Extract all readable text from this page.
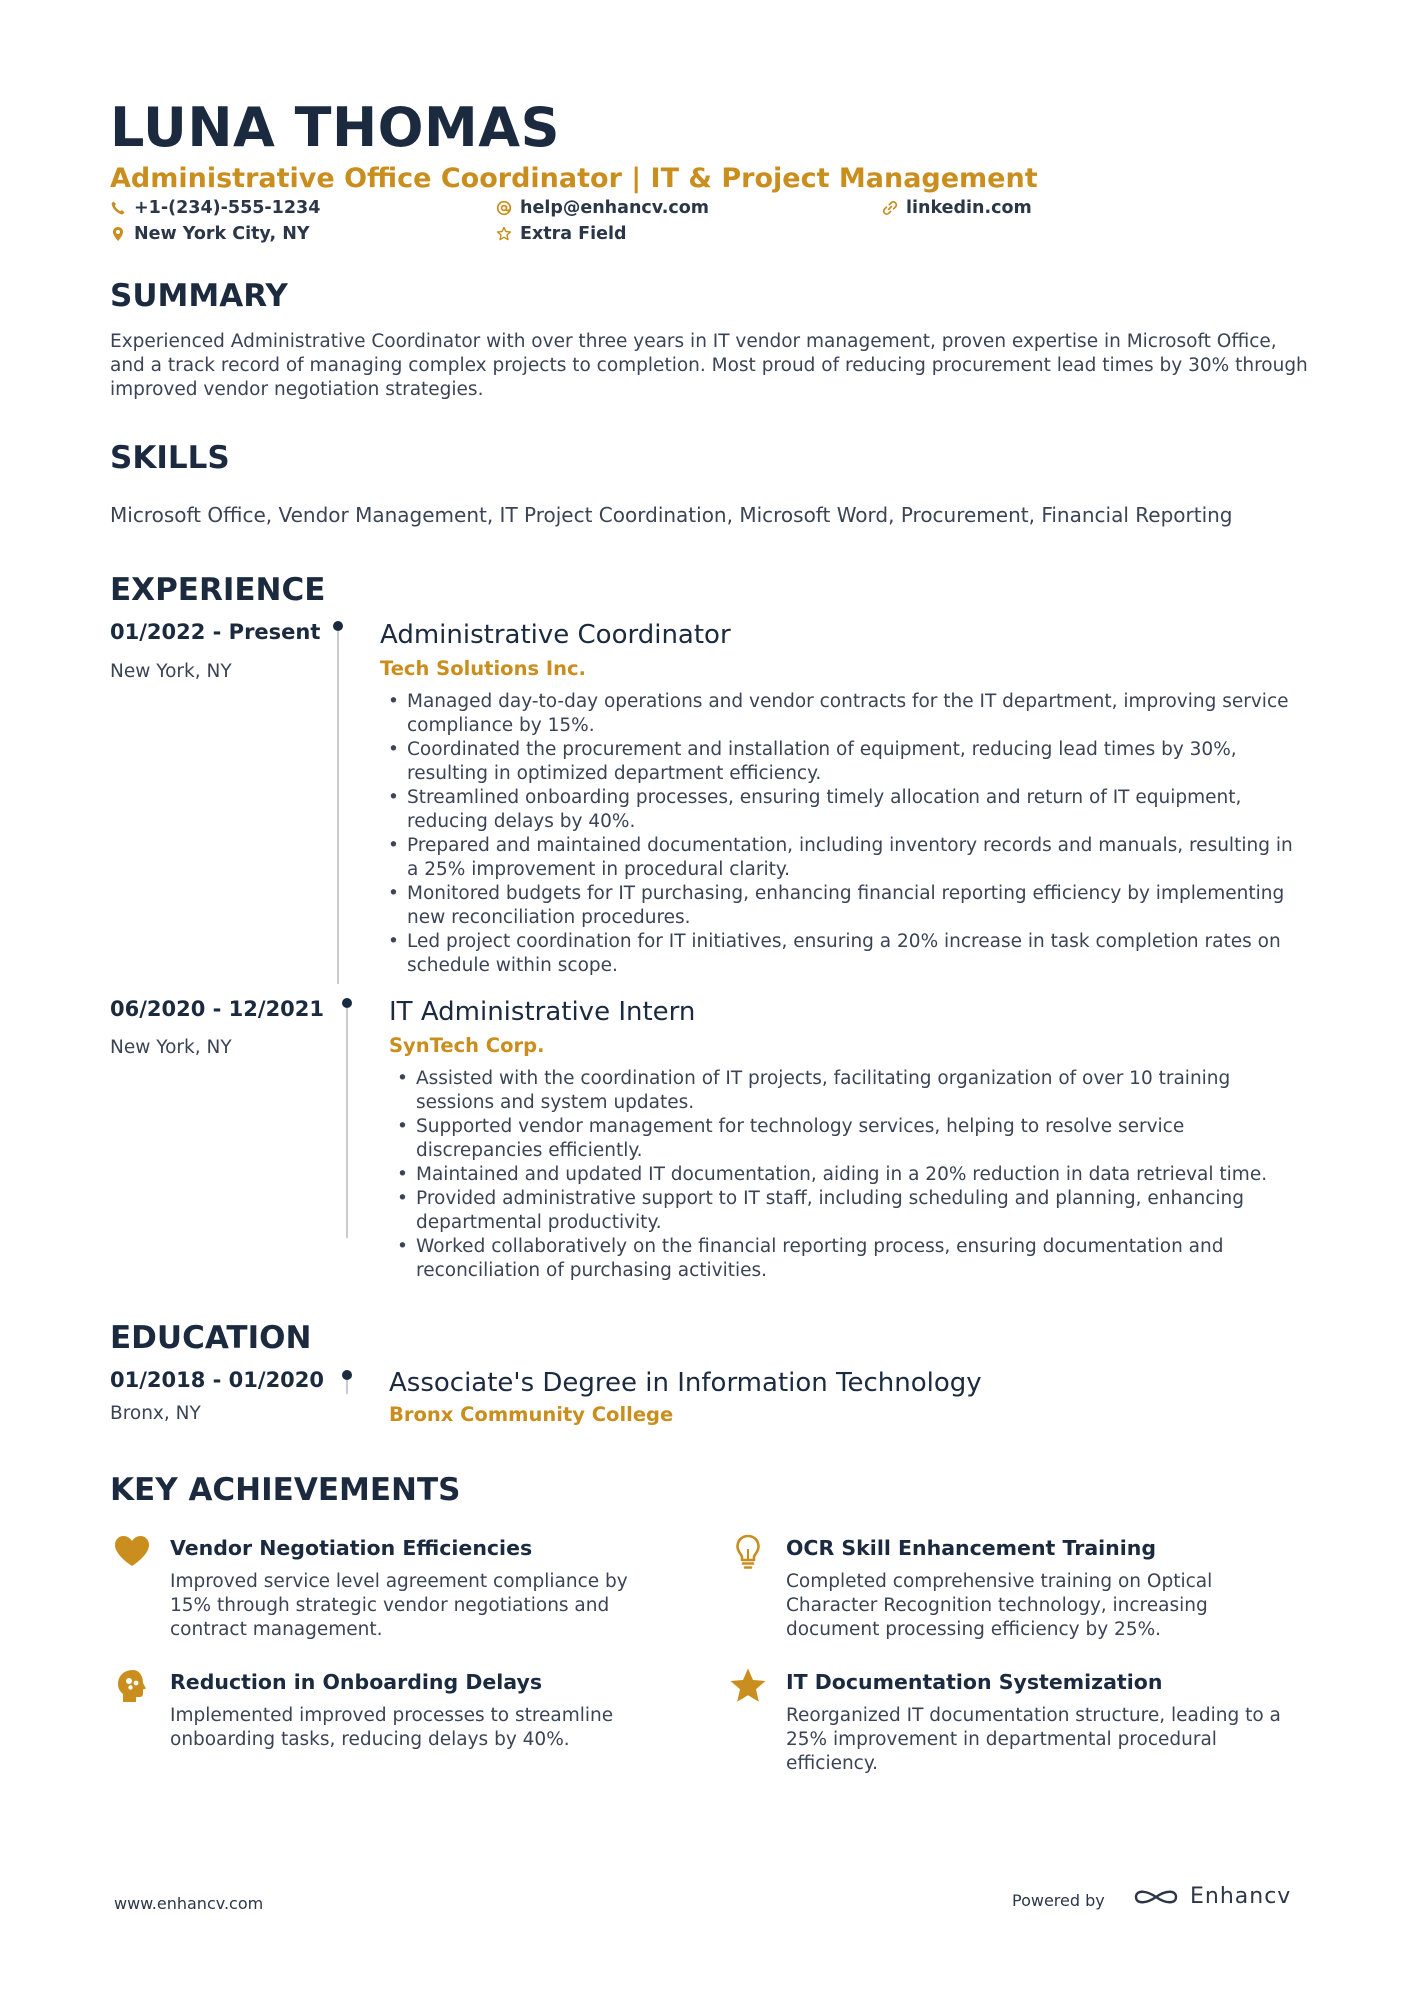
LUNA THOMAS
Administrative Office Coordinator | IT & Project Management
+1-(234)-555-1234	help@enhancv.com	linkedin.com
New York City, NY	Extra Field
SUMMARY
Experienced Administrative Coordinator with over three years in IT vendor management, proven expertise in Microsoft Office, and a track record of managing complex projects to completion. Most proud of reducing procurement lead times by 30% through improved vendor negotiation strategies.
SKILLS
Microsoft Office, Vendor Management, IT Project Coordination, Microsoft Word, Procurement, Financial Reporting
EXPERIENCE
01/2022 - Present
New York, NY
Administrative Coordinator
Tech Solutions Inc.
• Managed day-to-day operations and vendor contracts for the IT department, improving service compliance by 15%.
• Coordinated the procurement and installation of equipment, reducing lead times by 30%, resulting in optimized department efficiency.
• Streamlined onboarding processes, ensuring timely allocation and return of IT equipment, reducing delays by 40%.
• Prepared and maintained documentation, including inventory records and manuals, resulting in a 25% improvement in procedural clarity.
• Monitored budgets for IT purchasing, enhancing financial reporting efficiency by implementing new reconciliation procedures.
• Led project coordination for IT initiatives, ensuring a 20% increase in task completion rates on schedule within scope.
06/2020 - 12/2021
New York, NY
IT Administrative Intern
SynTech Corp.
• Assisted with the coordination of IT projects, facilitating organization of over 10 training sessions and system updates.
• Supported vendor management for technology services, helping to resolve service discrepancies efficiently.
• Maintained and updated IT documentation, aiding in a 20% reduction in data retrieval time.
• Provided administrative support to IT staff, including scheduling and planning, enhancing departmental productivity.
• Worked collaboratively on the financial reporting process, ensuring documentation and reconciliation of purchasing activities.
EDUCATION
01/2018 - 01/2020
Bronx, NY
Associate's Degree in Information Technology
Bronx Community College
KEY ACHIEVEMENTS
Vendor Negotiation Efficiencies
Improved service level agreement compliance by 15% through strategic vendor negotiations and contract management.
OCR Skill Enhancement Training
Completed comprehensive training on Optical Character Recognition technology, increasing document processing efficiency by 25%.
Reduction in Onboarding Delays
Implemented improved processes to streamline onboarding tasks, reducing delays by 40%.
IT Documentation Systemization
Reorganized IT documentation structure, leading to a 25% improvement in departmental procedural efficiency.
www.enhancv.com	Powered by	Enhancv
